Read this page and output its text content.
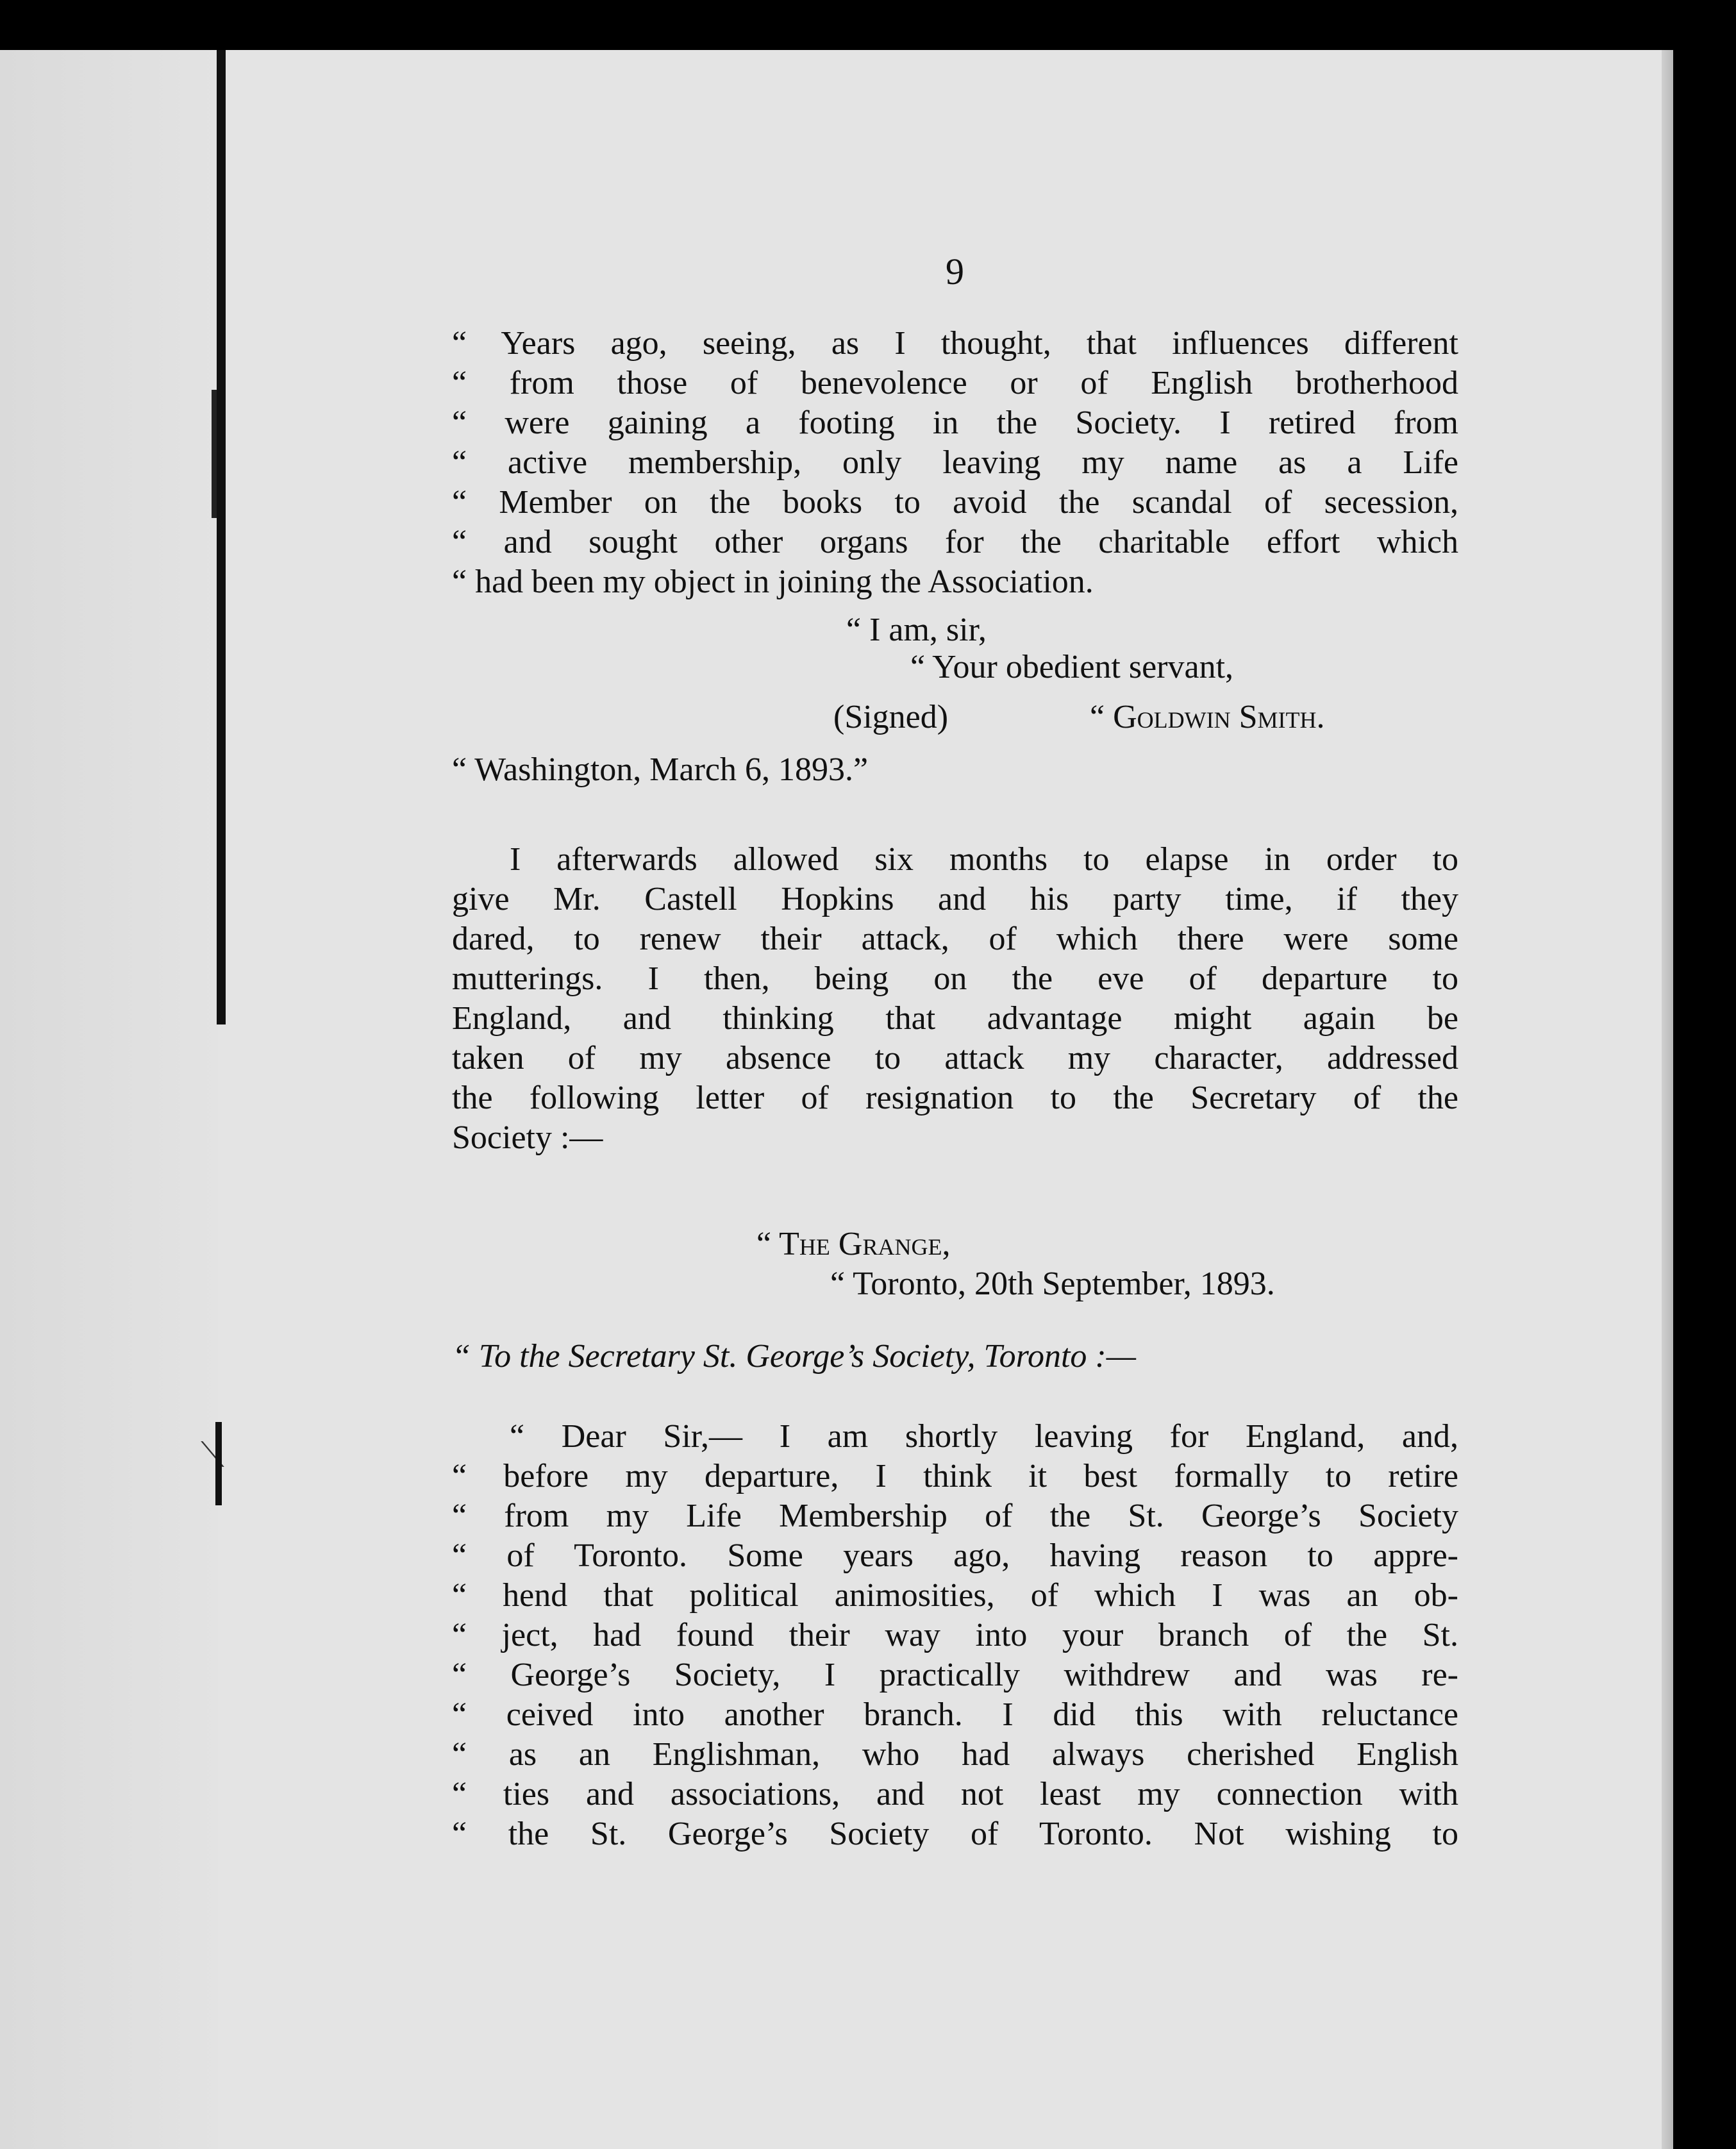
9
“ Years ago, seeing, as I thought, that influences different
“ from those of benevolence or of English brotherhood
“ were gaining a footing in the Society. I retired from
“ active membership, only leaving my name as a Life
“ Member on the books to avoid the scandal of secession,
“ and sought other organs for the charitable effort which
“ had been my object in joining the Association.
“ I am, sir,
“ Your obedient servant,
(Signed)	“ Goldwin Smith.
“ Washington, March 6, 1893.”
I afterwards allowed six months to elapse in order to
give Mr. Castell Hopkins and his party time, if they
dared, to renew their attack, of which there were some
mutterings. I then, being on the eve of departure to
England, and thinking that advantage might again be
taken of my absence to attack my character, addressed
the following letter of resignation to the Secretary of the
Society :—
“ The Grange,
“ Toronto, 20th September, 1893.
“ To the Secretary St. George’s Society, Toronto :—
“ Dear Sir,— I am shortly leaving for England, and,
“ before my departure, I think it best formally to retire
“ from my Life Membership of the St. George’s Society
“ of Toronto. Some years ago, having reason to appre-
“ hend that political animosities, of which I was an ob-
“ ject, had found their way into your branch of the St.
“ George’s Society, I practically withdrew and was re-
“ ceived into another branch. I did this with reluctance
“ as an Englishman, who had always cherished English
“ ties and associations, and not least my connection with
“ the St. George’s Society of Toronto. Not wishing to
